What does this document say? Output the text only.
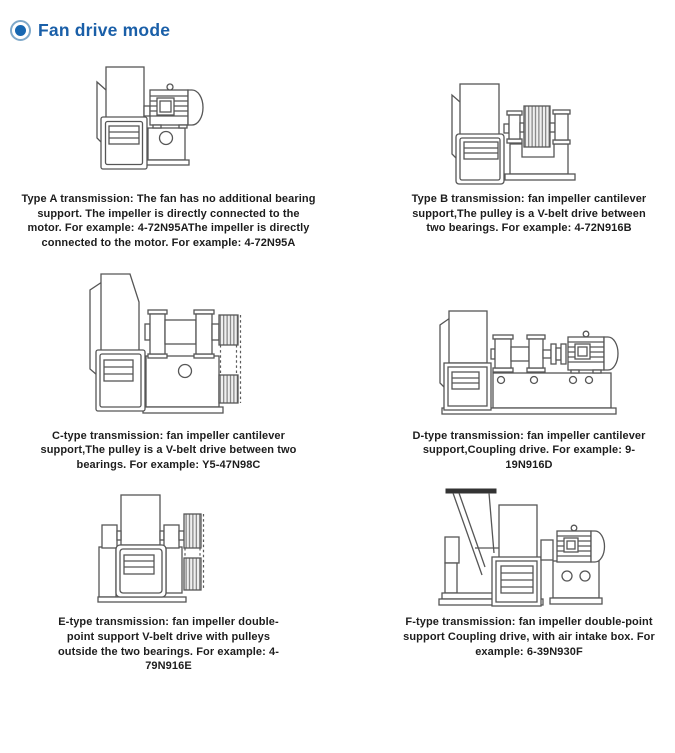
Fan drive mode

Type A transmission: The fan has no additional bearing support. The impeller is directly connected to the motor. For example: 4-72N95AThe impeller is directly connected to the motor. For example: 4-72N95A

Type B transmission: fan impeller cantilever support,The pulley is a V-belt drive between two bearings. For example: 4-72N916B

C-type transmission: fan impeller cantilever support,The pulley is a V-belt drive between two bearings. For example: Y5-47N98C

D-type transmission: fan impeller cantilever support,Coupling drive. For example: 9-19N916D

E-type transmission: fan impeller double-point support V-belt drive with pulleys outside the two bearings. For example: 4-79N916E

F-type transmission: fan impeller double-point support Coupling drive, with air intake box. For example: 6-39N930F
